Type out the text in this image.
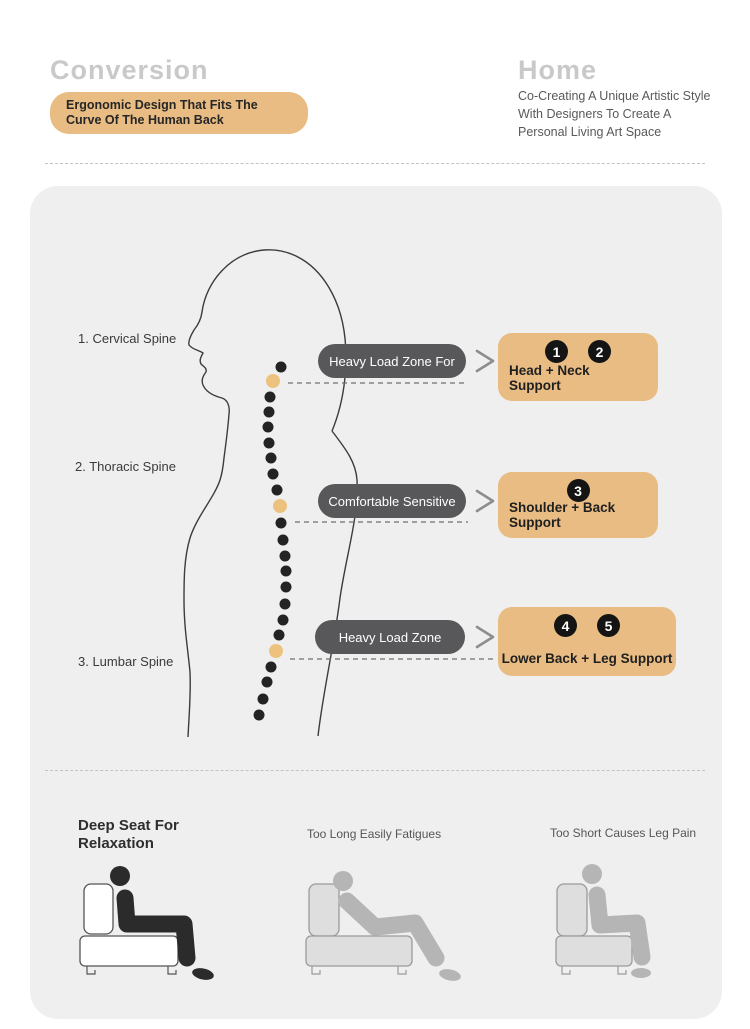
Conversion
Ergonomic Design That Fits The Curve Of The Human Back
Home
Co-Creating A Unique Artistic Style With Designers To Create A Personal Living Art Space
1. Cervical Spine
2. Thoracic Spine
3. Lumbar Spine
Heavy Load Zone For
1	2
Head + Neck Support
Comfortable Sensitive
3
Shoulder + Back Support
Heavy Load Zone
4	5
Lower Back + Leg Support
Deep Seat For Relaxation
Too Long Easily Fatigues	Too Short Causes Leg Pain
